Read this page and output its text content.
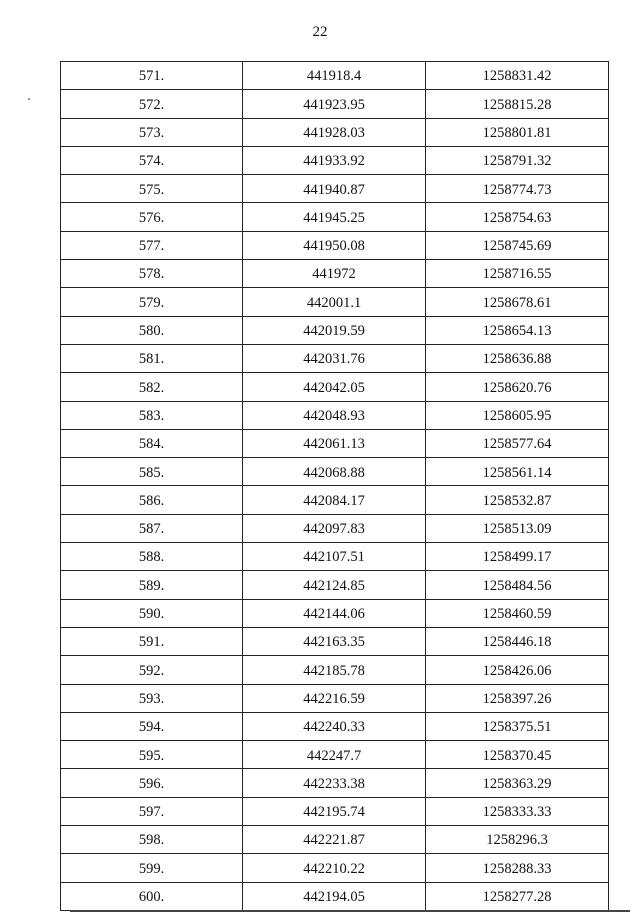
22
571.	441918.4	1258831.42
572.	441923.95	1258815.28
573.	441928.03	1258801.81
574.	441933.92	1258791.32
575.	441940.87	1258774.73
576.	441945.25	1258754.63
577.	441950.08	1258745.69
578.	441972	1258716.55
579.	442001.1	1258678.61
580.	442019.59	1258654.13
581.	442031.76	1258636.88
582.	442042.05	1258620.76
583.	442048.93	1258605.95
584.	442061.13	1258577.64
585.	442068.88	1258561.14
586.	442084.17	1258532.87
587.	442097.83	1258513.09
588.	442107.51	1258499.17
589.	442124.85	1258484.56
590.	442144.06	1258460.59
591.	442163.35	1258446.18
592.	442185.78	1258426.06
593.	442216.59	1258397.26
594.	442240.33	1258375.51
595.	442247.7	1258370.45
596.	442233.38	1258363.29
597.	442195.74	1258333.33
598.	442221.87	1258296.3
599.	442210.22	1258288.33
600.	442194.05	1258277.28
